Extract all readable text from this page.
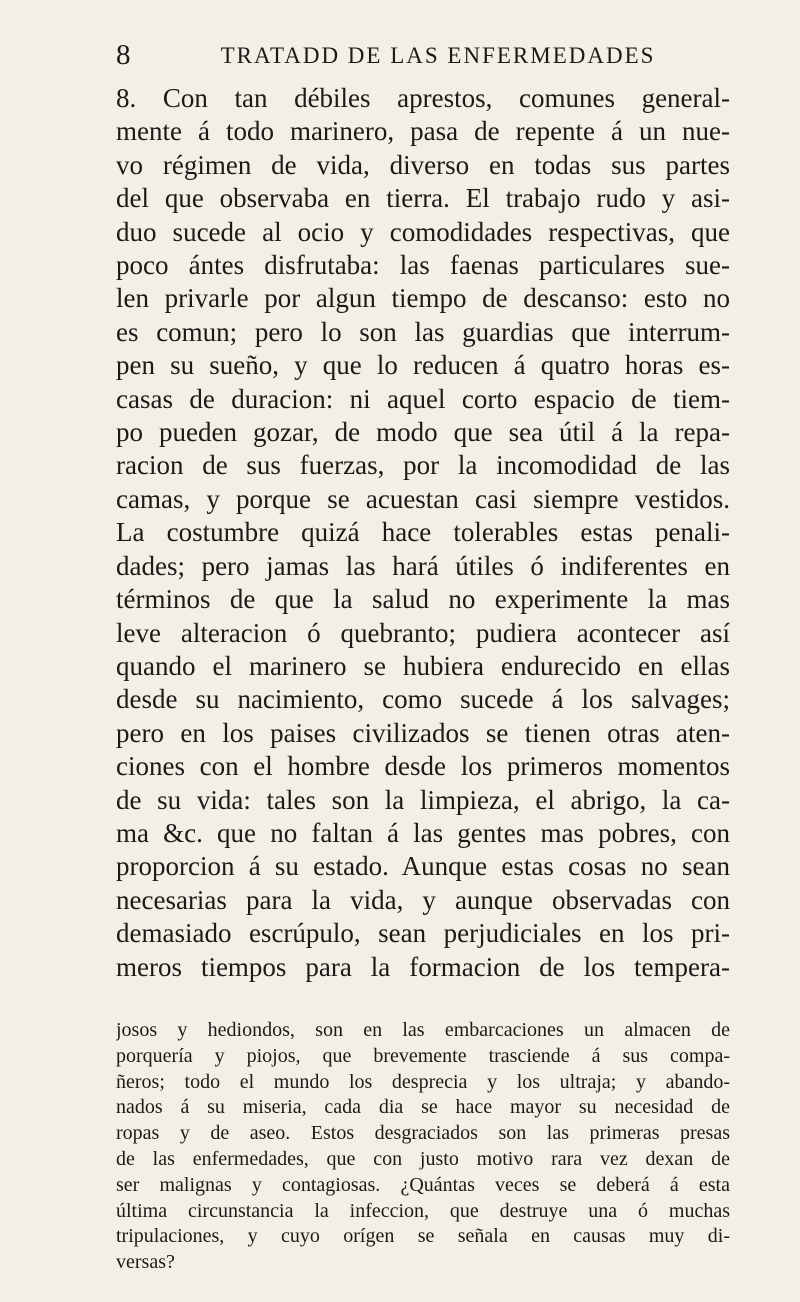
8	TRATADD DE LAS ENFERMEDADES
8. Con tan débiles aprestos, comunes general-
mente á todo marinero, pasa de repente á un nue-
vo régimen de vida, diverso en todas sus partes
del que observaba en tierra. El trabajo rudo y asi-
duo sucede al ocio y comodidades respectivas, que
poco ántes disfrutaba: las faenas particulares sue-
len privarle por algun tiempo de descanso: esto no
es comun; pero lo son las guardias que interrum-
pen su sueño, y que lo reducen á quatro horas es-
casas de duracion: ni aquel corto espacio de tiem-
po pueden gozar, de modo que sea útil á la repa-
racion de sus fuerzas, por la incomodidad de las
camas, y porque se acuestan casi siempre vestidos.
La costumbre quizá hace tolerables estas penali-
dades; pero jamas las hará útiles ó indiferentes en
términos de que la salud no experimente la mas
leve alteracion ó quebranto; pudiera acontecer así
quando el marinero se hubiera endurecido en ellas
desde su nacimiento, como sucede á los salvages;
pero en los paises civilizados se tienen otras aten-
ciones con el hombre desde los primeros momentos
de su vida: tales son la limpieza, el abrigo, la ca-
ma &c. que no faltan á las gentes mas pobres, con
proporcion á su estado. Aunque estas cosas no sean
necesarias para la vida, y aunque observadas con
demasiado escrúpulo, sean perjudiciales en los pri-
meros tiempos para la formacion de los tempera-
josos y hediondos, son en las embarcaciones un almacen de
porquería y piojos, que brevemente trasciende á sus compa-
ñeros; todo el mundo los desprecia y los ultraja; y abando-
nados á su miseria, cada dia se hace mayor su necesidad de
ropas y de aseo. Estos desgraciados son las primeras presas
de las enfermedades, que con justo motivo rara vez dexan de
ser malignas y contagiosas. ¿Quántas veces se deberá á esta
última circunstancia la infeccion, que destruye una ó muchas
tripulaciones, y cuyo orígen se señala en causas muy di-
versas?
